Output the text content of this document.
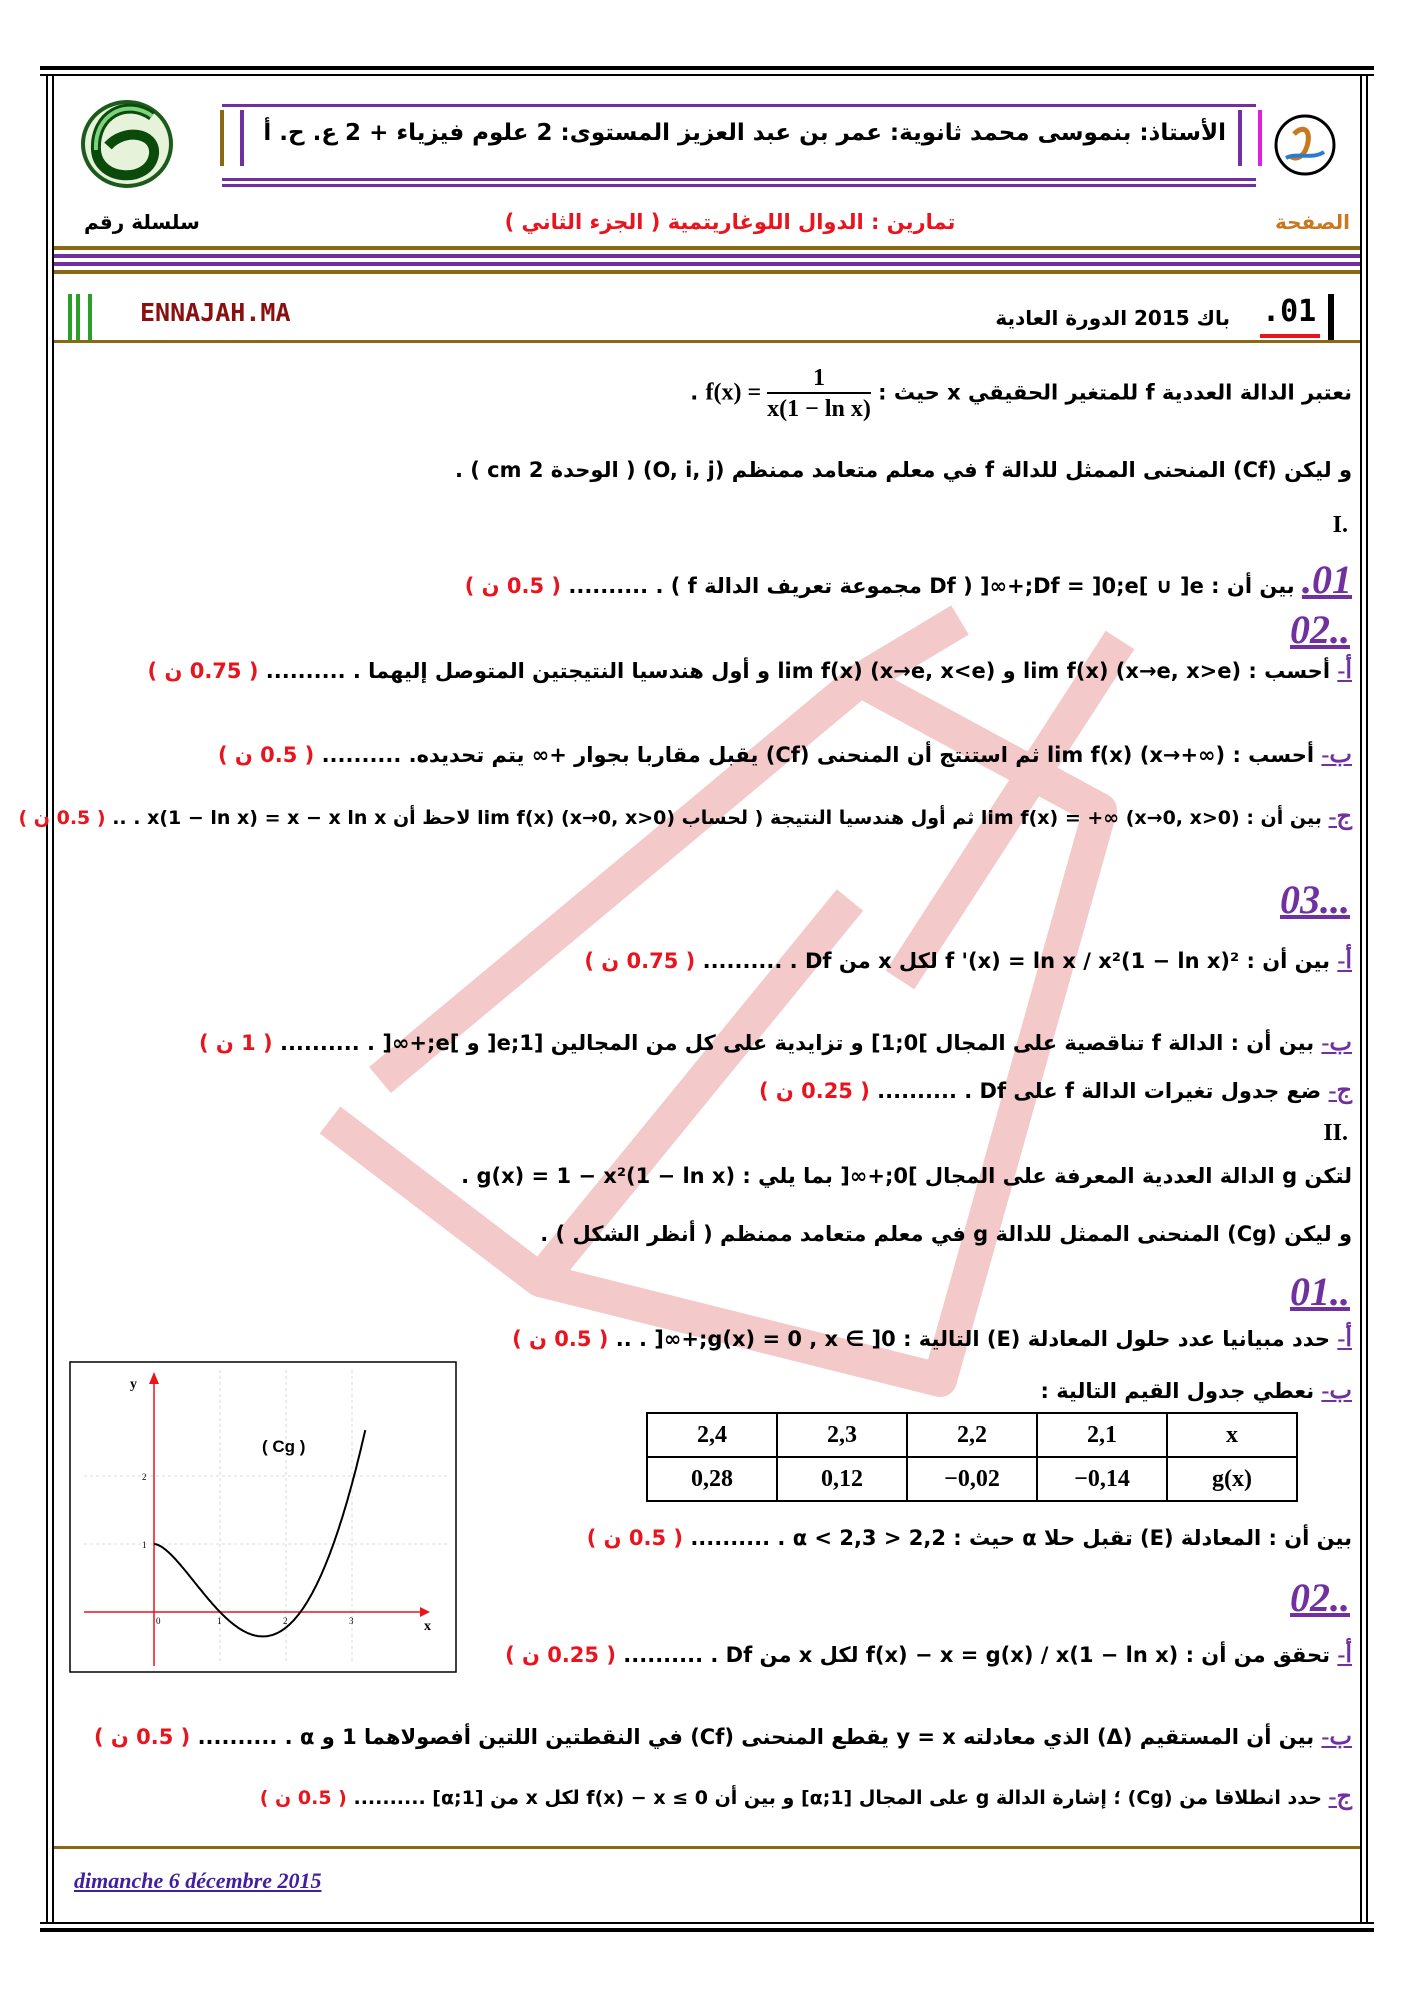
الأستاذ: بنموسى محمد ثانوية: عمر بن عبد العزيز المستوى: 2 علوم فيزياء + 2 ع. ح. أ
الصفحة
سلسلة رقم	تمارين : الدوال اللوغاريتمية ( الجزء الثاني )
ENNAJAH.MA	باك 2015 الدورة العادية 01.
نعتبر الدالة العددية f للمتغير الحقيقي x حيث : $f(x) = \frac{1}{\text{x(1 − ln x)}}$
.
و ليكن (Cf) المنحنى الممثل للدالة f في معلم متعامد ممنظم (O, i, j) ( الوحدة 2 cm ) .
I.
01. بين أن : Df = ]0;e[ ∪ ]e;+∞[ ( Df مجموعة تعريف الدالة f ) . .......... ( 0.5 ن )
02..
أ- أحسب : lim f(x) (x→e, x>e) و lim f(x) (x→e, x<e) و أول هندسيا النتيجتين المتوصل إليهما . .......... ( 0.75 ن )
ب- أحسب : lim f(x) (x→+∞) ثم استنتج أن المنحنى (Cf) يقبل مقاربا بجوار +∞ يتم تحديده. .......... ( 0.5 ن )
ج- بين أن : lim f(x) = +∞ (x→0, x>0) ثم أول هندسيا النتيجة ( لحساب lim f(x) (x→0, x>0) لاحظ أن x(1 − ln x) = x − x ln x . .. ( 0.5 ن )
03...
أ- بين أن : f '(x) = ln x / x²(1 − ln x)² لكل x من Df . .......... ( 0.75 ن )
ب- بين أن : الدالة f تناقصية على المجال ]0;1] و تزايدية على كل من المجالين [1;e[ و ]e;+∞[ . .......... ( 1 ن )
ج- ضع جدول تغيرات الدالة f على Df . .......... ( 0.25 ن )
II.
لتكن g الدالة العددية المعرفة على المجال ]0;+∞[ بما يلي : g(x) = 1 − x²(1 − ln x) .
و ليكن (Cg) المنحنى الممثل للدالة g في معلم متعامد ممنظم ( أنظر الشكل ) .
01..
أ- حدد مبيانيا عدد حلول المعادلة (E) التالية : g(x) = 0 , x ∈ ]0;+∞[ . .. ( 0.5 ن )
ب- نعطي جدول القيم التالية :
x	2,1	2,2	2,3	2,4
g(x)	−0,14	−0,02	0,12	0,28
بين أن : المعادلة (E) تقبل حلا α حيث : 2,2 < α < 2,3 . .......... ( 0.5 ن )
y
x
( Cg )
2
1
0	1	2	3
02..
أ- تحقق من أن : f(x) − x = g(x) / x(1 − ln x) لكل x من Df . .......... ( 0.25 ن )
ب- بين أن المستقيم (Δ) الذي معادلته y = x يقطع المنحنى (Cf) في النقطتين اللتين أفصولاهما 1 و α . .......... ( 0.5 ن )
ج- حدد انطلاقا من (Cg) ؛ إشارة الدالة g على المجال [1;α] و بين أن f(x) − x ≤ 0 لكل x من [1;α] .......... ( 0.5 ن )
dimanche 6 décembre 2015
